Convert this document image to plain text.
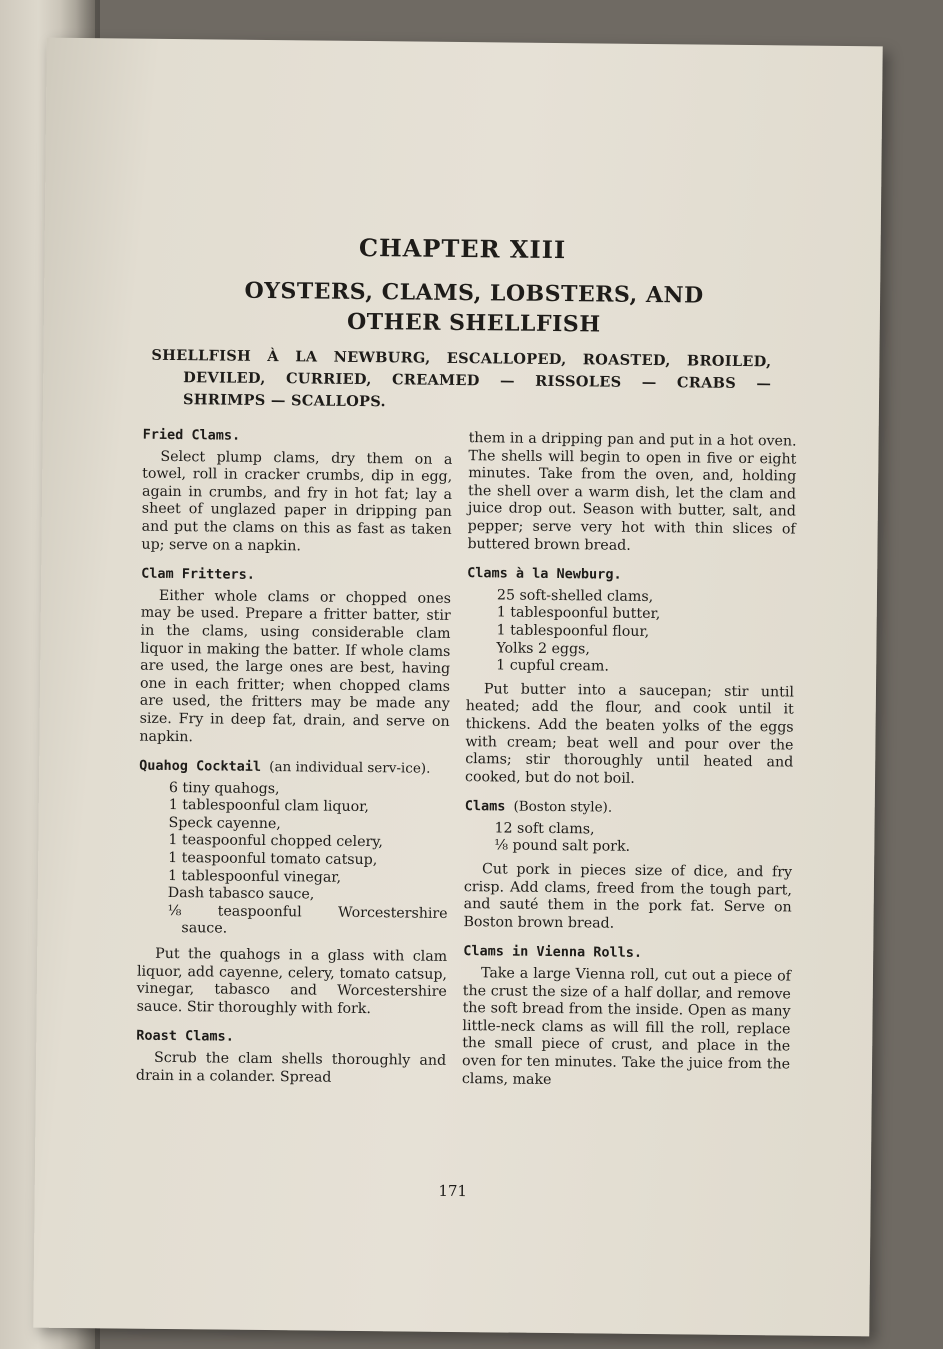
CHAPTER XIII
OYSTERS, CLAMS, LOBSTERS, AND
OTHER SHELLFISH
SHELLFISH À LA NEWBURG, ESCALLOPED, ROASTED, BROILED,
DEVILED, CURRIED, CREAMED — RISSOLES — CRABS —
SHRIMPS — SCALLOPS.
Fried Clams.

Select plump clams, dry them on a towel, roll in cracker crumbs, dip in egg, again in crumbs, and fry in hot fat; lay a sheet of unglazed paper in dripping pan and put the clams on this as fast as taken up; serve on a napkin.

Clam Fritters.

Either whole clams or chopped ones may be used. Prepare a fritter batter, stir in the clams, using considerable clam liquor in making the batter. If whole clams are used, the large ones are best, having one in each fritter; when chopped clams are used, the fritters may be made any size. Fry in deep fat, drain, and serve on napkin.

Quahog Cocktail (an individual serv-ice).
6 tiny quahogs,
1 tablespoonful clam liquor,
Speck cayenne,
1 teaspoonful chopped celery,
1 teaspoonful tomato catsup,
1 tablespoonful vinegar,
Dash tabasco sauce,
⅛ teaspoonful Worcestershire
sauce.

Put the quahogs in a glass with clam liquor, add cayenne, celery, tomato catsup, vinegar, tabasco and Worcestershire sauce. Stir thoroughly with fork.

Roast Clams.

Scrub the clam shells thoroughly and drain in a colander. Spread

them in a dripping pan and put in a hot oven. The shells will begin to open in five or eight minutes. Take from the oven, and, holding the shell over a warm dish, let the clam and juice drop out. Season with butter, salt, and pepper; serve very hot with thin slices of buttered brown bread.

Clams à la Newburg.
25 soft-shelled clams,
1 tablespoonful butter,
1 tablespoonful flour,
Yolks 2 eggs,
1 cupful cream.

Put butter into a saucepan; stir until heated; add the flour, and cook until it thickens. Add the beaten yolks of the eggs with cream; beat well and pour over the clams; stir thoroughly until heated and cooked, but do not boil.

Clams (Boston style).
12 soft clams,
⅛ pound salt pork.

Cut pork in pieces size of dice, and fry crisp. Add clams, freed from the tough part, and sauté them in the pork fat. Serve on Boston brown bread.

Clams in Vienna Rolls.

Take a large Vienna roll, cut out a piece of the crust the size of a half dollar, and remove the soft bread from the inside. Open as many little-neck clams as will fill the roll, replace the small piece of crust, and place in the oven for ten minutes. Take the juice from the clams, make

171
